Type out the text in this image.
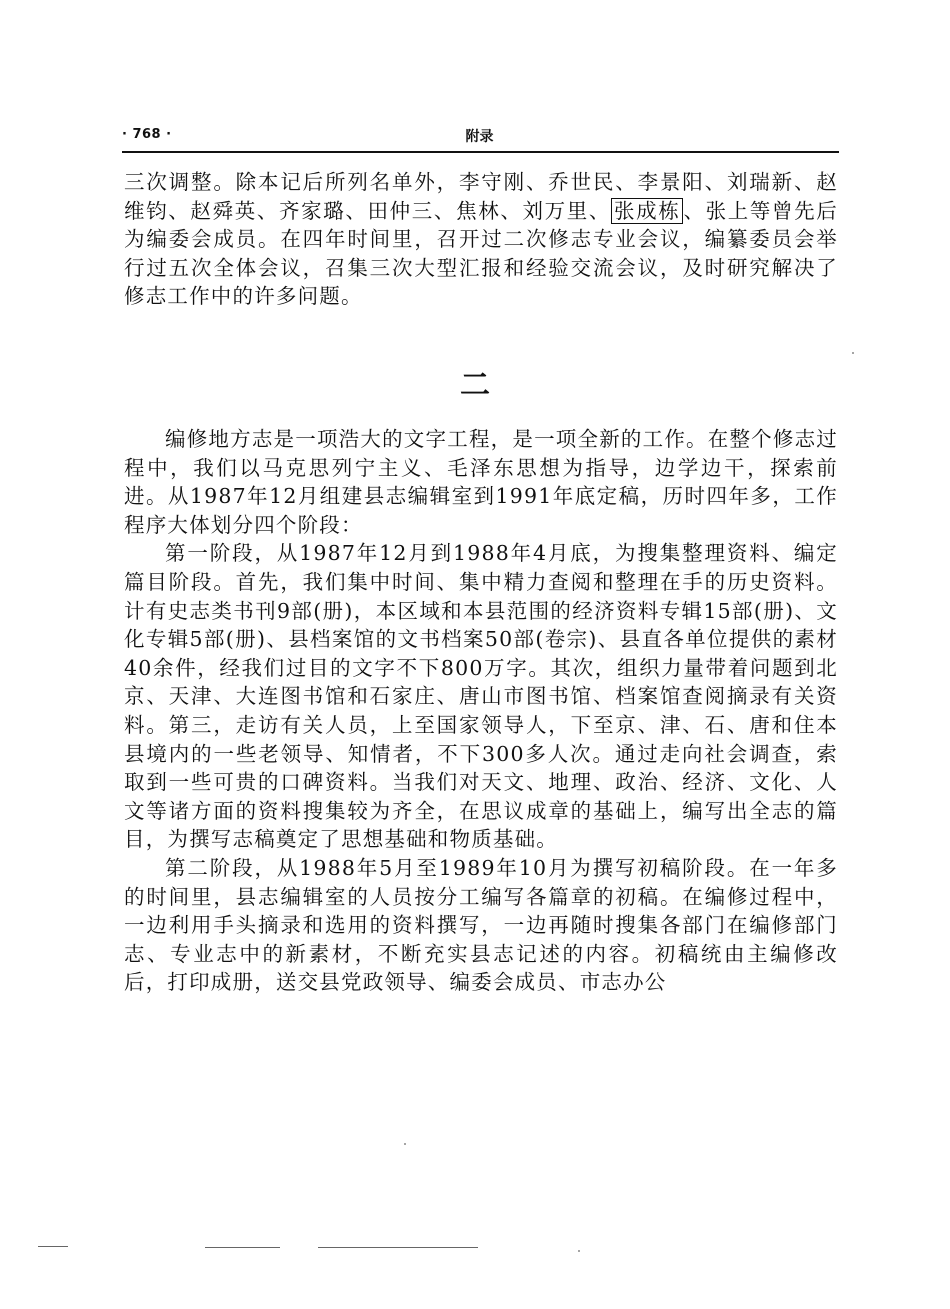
· 768 ·	附录

三次调整。除本记后所列名单外，李守刚、乔世民、李景阳、刘瑞新、赵维钧、赵舜英、齐家璐、田仲三、焦林、刘万里、 张成栋 、张上等曾先后为编委会成员。在四年时间里，召开过二次修志专业会议，编纂委员会举行过五次全体会议，召集三次大型汇报和经验交流会议，及时研究解决了修志工作中的许多问题。

二

编修地方志是一项浩大的文字工程，是一项全新的工作。在整个修志过程中，我们以马克思列宁主义、毛泽东思想为指导，边学边干，探索前进。从1987年12月组建县志编辑室到1991年底定稿，历时四年多，工作程序大体划分四个阶段：

第一阶段，从1987年12月到1988年4月底，为搜集整理资料、编定篇目阶段。首先，我们集中时间、集中精力查阅和整理在手的历史资料。计有史志类书刊9部(册)，本区域和本县范围的经济资料专辑15部(册)、文化专辑5部(册)、县档案馆的文书档案50部(卷宗)、县直各单位提供的素材40余件，经我们过目的文字不下800万字。其次，组织力量带着问题到北京、天津、大连图书馆和石家庄、唐山市图书馆、档案馆查阅摘录有关资料。第三，走访有关人员，上至国家领导人，下至京、津、石、唐和住本县境内的一些老领导、知情者，不下300多人次。通过走向社会调查，索取到一些可贵的口碑资料。当我们对天文、地理、政治、经济、文化、人文等诸方面的资料搜集较为齐全，在思议成章的基础上，编写出全志的篇目，为撰写志稿奠定了思想基础和物质基础。

第二阶段，从1988年5月至1989年10月为撰写初稿阶段。在一年多的时间里，县志编辑室的人员按分工编写各篇章的初稿。在编修过程中，一边利用手头摘录和选用的资料撰写，一边再随时搜集各部门在编修部门志、专业志中的新素材，不断充实县志记述的内容。初稿统由主编修改后，打印成册，送交县党政领导、编委会成员、市志办公
